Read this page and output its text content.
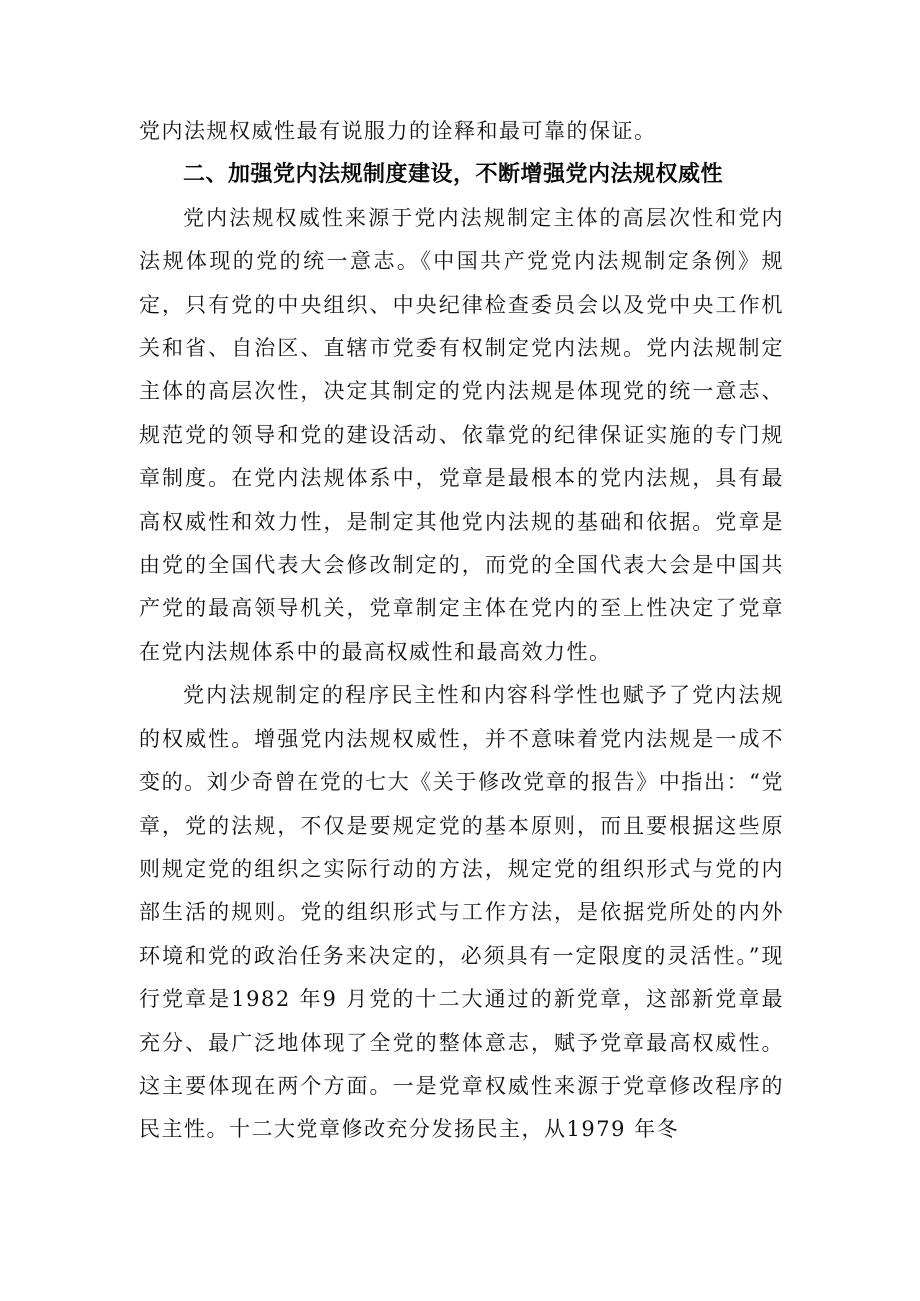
党内法规权威性最有说服力的诠释和最可靠的保证。

二、加强党内法规制度建设，不断增强党内法规权威性

党内法规权威性来源于党内法规制定主体的高层次性和党内法规体现的党的统一意志。《中国共产党党内法规制定条例》规定，只有党的中央组织、中央纪律检查委员会以及党中央工作机关和省、自治区、直辖市党委有权制定党内法规。党内法规制定主体的高层次性，决定其制定的党内法规是体现党的统一意志、规范党的领导和党的建设活动、依靠党的纪律保证实施的专门规章制度。在党内法规体系中，党章是最根本的党内法规，具有最高权威性和效力性，是制定其他党内法规的基础和依据。党章是由党的全国代表大会修改制定的，而党的全国代表大会是中国共产党的最高领导机关，党章制定主体在党内的至上性决定了党章在党内法规体系中的最高权威性和最高效力性。

党内法规制定的程序民主性和内容科学性也赋予了党内法规的权威性。增强党内法规权威性，并不意味着党内法规是一成不变的。刘少奇曾在党的七大《关于修改党章的报告》中指出：“党章，党的法规，不仅是要规定党的基本原则，而且要根据这些原则规定党的组织之实际行动的方法，规定党的组织形式与党的内部生活的规则。党的组织形式与工作方法，是依据党所处的内外环境和党的政治任务来决定的，必须具有一定限度的灵活性。”现行党章是1982 年9 月党的十二大通过的新党章，这部新党章最充分、最广泛地体现了全党的整体意志，赋予党章最高权威性。这主要体现在两个方面。一是党章权威性来源于党章修改程序的民主性。十二大党章修改充分发扬民主，从1979 年冬
